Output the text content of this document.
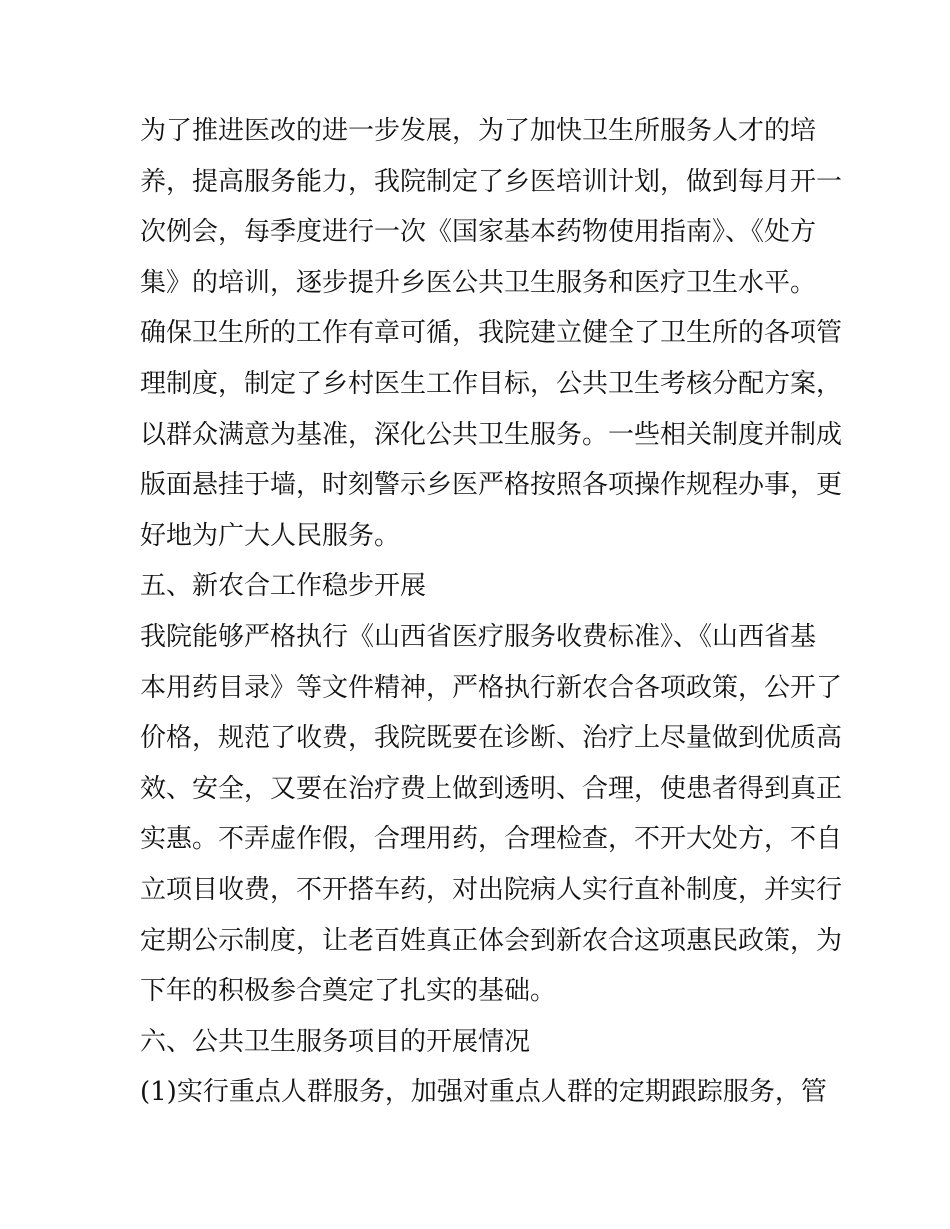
为了推进医改的进一步发展，为了加快卫生所服务人才的培
养，提高服务能力，我院制定了乡医培训计划，做到每月开一
次例会，每季度进行一次《国家基本药物使用指南》、《处方
集》的培训，逐步提升乡医公共卫生服务和医疗卫生水平。
确保卫生所的工作有章可循，我院建立健全了卫生所的各项管
理制度，制定了乡村医生工作目标，公共卫生考核分配方案，
以群众满意为基准，深化公共卫生服务。一些相关制度并制成
版面悬挂于墙，时刻警示乡医严格按照各项操作规程办事，更
好地为广大人民服务。
五、新农合工作稳步开展
我院能够严格执行《山西省医疗服务收费标准》、《山西省基
本用药目录》等文件精神，严格执行新农合各项政策，公开了
价格，规范了收费，我院既要在诊断、治疗上尽量做到优质高
效、安全，又要在治疗费上做到透明、合理，使患者得到真正
实惠。不弄虚作假，合理用药，合理检查，不开大处方，不自
立项目收费，不开搭车药，对出院病人实行直补制度，并实行
定期公示制度，让老百姓真正体会到新农合这项惠民政策，为
下年的积极参合奠定了扎实的基础。
六、公共卫生服务项目的开展情况
(1)实行重点人群服务，加强对重点人群的定期跟踪服务，管
